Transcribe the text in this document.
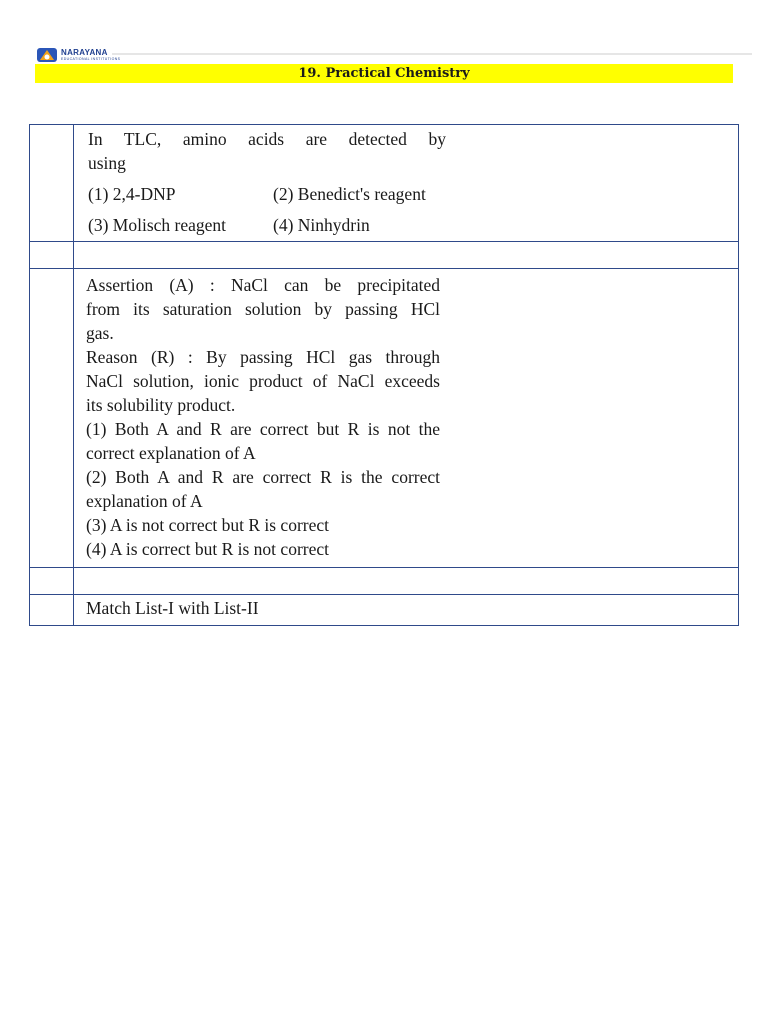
NARAYANA
EDUCATIONAL INSTITUTIONS
19. Practical Chemistry
In TLC, amino acids are detected by
using
(1) 2,4-DNP	(2) Benedict's reagent
(3) Molisch reagent	(4) Ninhydrin
Assertion (A) : NaCl can be precipitated
from its saturation solution by passing HCl
gas.
Reason (R) : By passing HCl gas through
NaCl solution, ionic product of NaCl exceeds
its solubility product.
(1) Both A and R are correct but R is not the
correct explanation of A
(2) Both A and R are correct R is the correct
explanation of A
(3) A is not correct but R is correct
(4) A is correct but R is not correct
Match List-I with List-II
